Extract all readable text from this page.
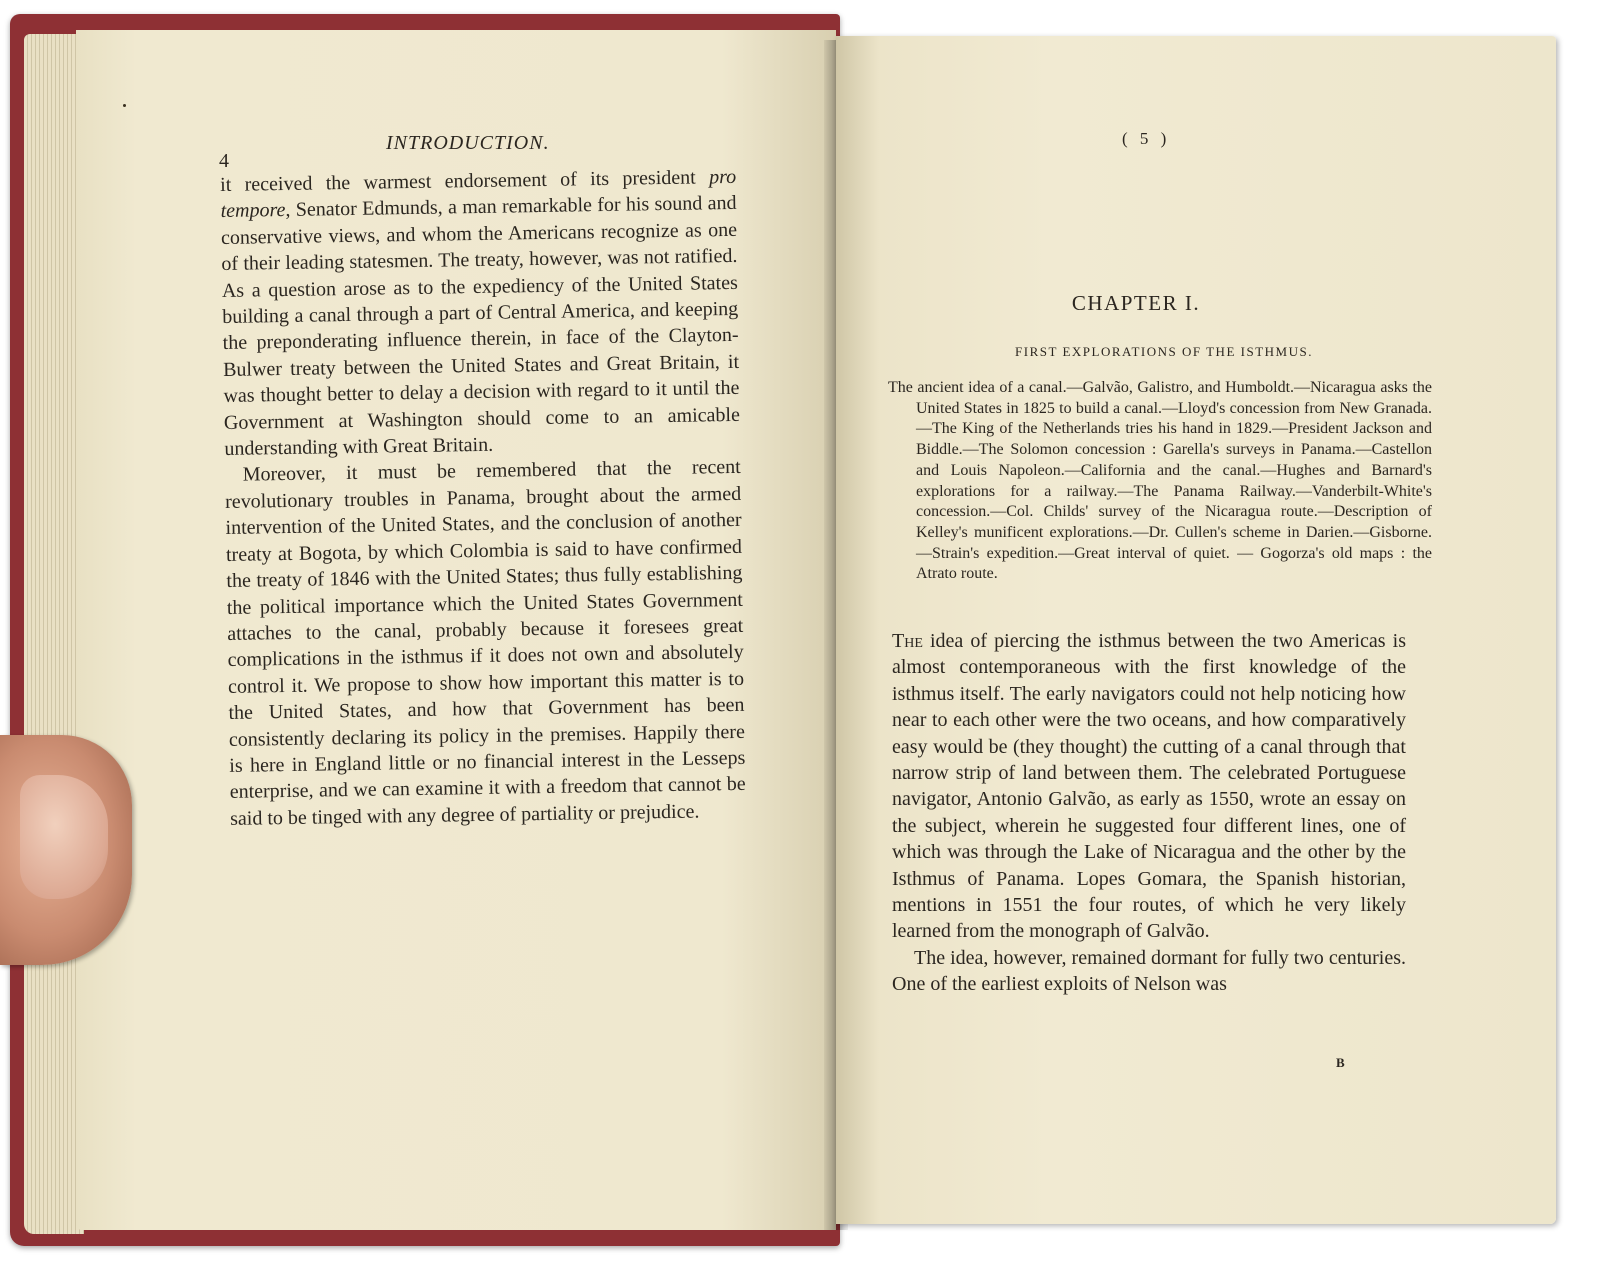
4
INTRODUCTION.

it received the warmest endorsement of its president pro tempore, Senator Edmunds, a man remarkable for his sound and conservative views, and whom the Americans recognize as one of their leading statesmen. The treaty, however, was not ratified. As a question arose as to the expediency of the United States building a canal through a part of Central America, and keeping the preponderating influence therein, in face of the Clayton-Bulwer treaty between the United States and Great Britain, it was thought better to delay a decision with regard to it until the Government at Washington should come to an amicable understanding with Great Britain.

Moreover, it must be remembered that the recent revolutionary troubles in Panama, brought about the armed intervention of the United States, and the conclusion of another treaty at Bogota, by which Colombia is said to have confirmed the treaty of 1846 with the United States; thus fully establishing the political importance which the United States Government attaches to the canal, probably because it foresees great complications in the isthmus if it does not own and absolutely control it. We propose to show how important this matter is to the United States, and how that Government has been consistently declaring its policy in the premises. Happily there is here in England little or no financial interest in the Lesseps enterprise, and we can examine it with a freedom that cannot be said to be tinged with any degree of partiality or prejudice.

( 5 )
CHAPTER I.
FIRST EXPLORATIONS OF THE ISTHMUS.
The ancient idea of a canal.—Galvão, Galistro, and Humboldt.—Nicaragua asks the United States in 1825 to build a canal.—Lloyd's concession from New Granada.—The King of the Netherlands tries his hand in 1829.—President Jackson and Biddle.—The Solomon concession : Garella's surveys in Panama.—Castellon and Louis Napoleon.—California and the canal.—Hughes and Barnard's explorations for a railway.—The Panama Railway.—Vanderbilt-White's concession.—Col. Childs' survey of the Nicaragua route.—Description of Kelley's munificent explorations.—Dr. Cullen's scheme in Darien.—Gisborne.—Strain's expedition.—Great interval of quiet. — Gogorza's old maps : the Atrato route.

The idea of piercing the isthmus between the two Americas is almost contemporaneous with the first knowledge of the isthmus itself. The early navigators could not help noticing how near to each other were the two oceans, and how comparatively easy would be (they thought) the cutting of a canal through that narrow strip of land between them. The celebrated Portuguese navigator, Antonio Galvão, as early as 1550, wrote an essay on the subject, wherein he suggested four different lines, one of which was through the Lake of Nicaragua and the other by the Isthmus of Panama. Lopes Gomara, the Spanish historian, mentions in 1551 the four routes, of which he very likely learned from the monograph of Galvão.

The idea, however, remained dormant for fully two centuries. One of the earliest exploits of Nelson was

B
